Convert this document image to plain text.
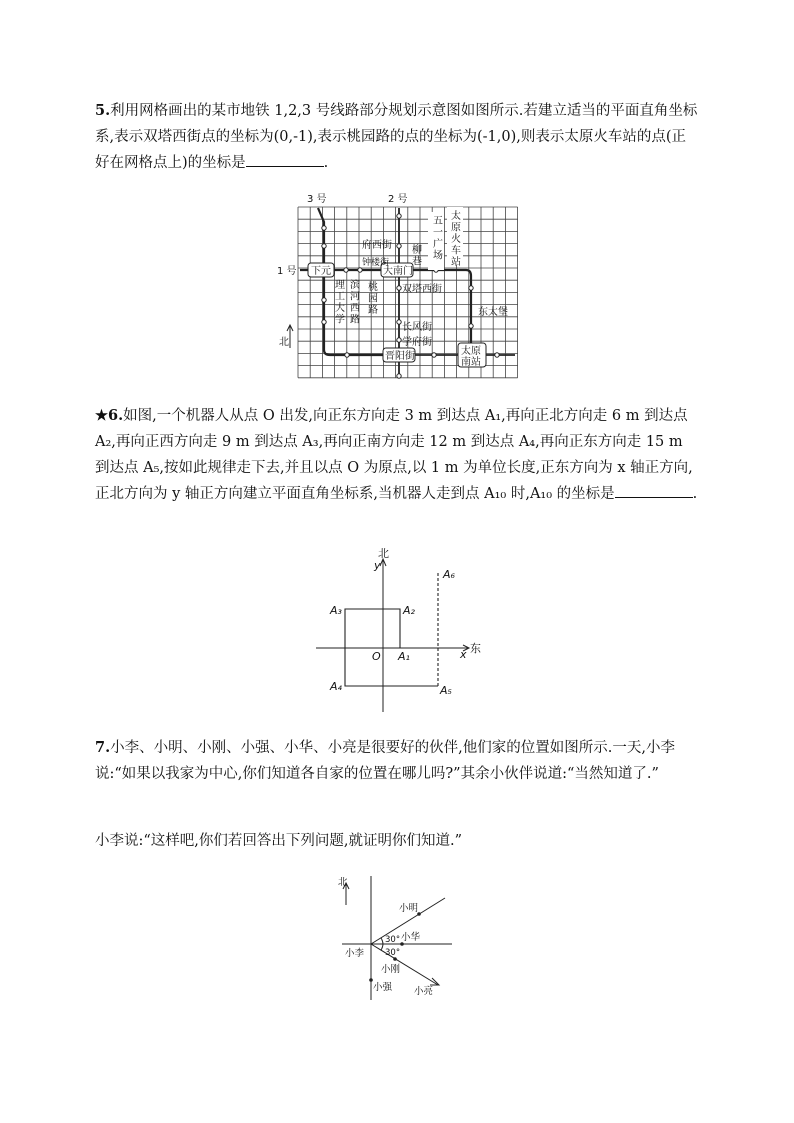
5.利用网格画出的某市地铁 1,2,3 号线路部分规划示意图如图所示.若建立适当的平面直角坐标系,表示双塔西街点的坐标为(0,-1),表示桃园路的点的坐标为(-1,0),则表示太原火车站的点(正好在网格点上)的坐标是	.
3 号	2 号
1 号
北
下元	大南门
府西街
钟楼街
双塔西街
东太堡
长风街
学府街
晋阳街	太原
南站
理
工
大
学
滨
河
西
路
桃
园
路
柳
巷
五
一
广
场
太
原
火
车
站
★6.如图,一个机器人从点 O 出发,向正东方向走 3 m 到达点 A₁,再向正北方向走 6 m 到达点 A₂,再向正西方向走 9 m 到达点 A₃,再向正南方向走 12 m 到达点 A₄,再向正东方向走 15 m 到达点 A₅,按如此规律走下去,并且以点 O 为原点,以 1 m 为单位长度,正东方向为 x 轴正方向,正北方向为 y 轴正方向建立平面直角坐标系,当机器人走到点 A₁₀ 时,A₁₀ 的坐标是	.
北
y
东
x
O A₁
A₂
A₃
A₄	A₅
A₆
7.小李、小明、小刚、小强、小华、小亮是很要好的伙伴,他们家的位置如图所示.一天,小李说:“如果以我家为中心,你们知道各自家的位置在哪儿吗?”其余小伙伴说道:“当然知道了.”
小李说:“这样吧,你们若回答出下列问题,就证明你们知道.”
北
小明
小华
30°
30°
小李
小刚
小强 小亮
